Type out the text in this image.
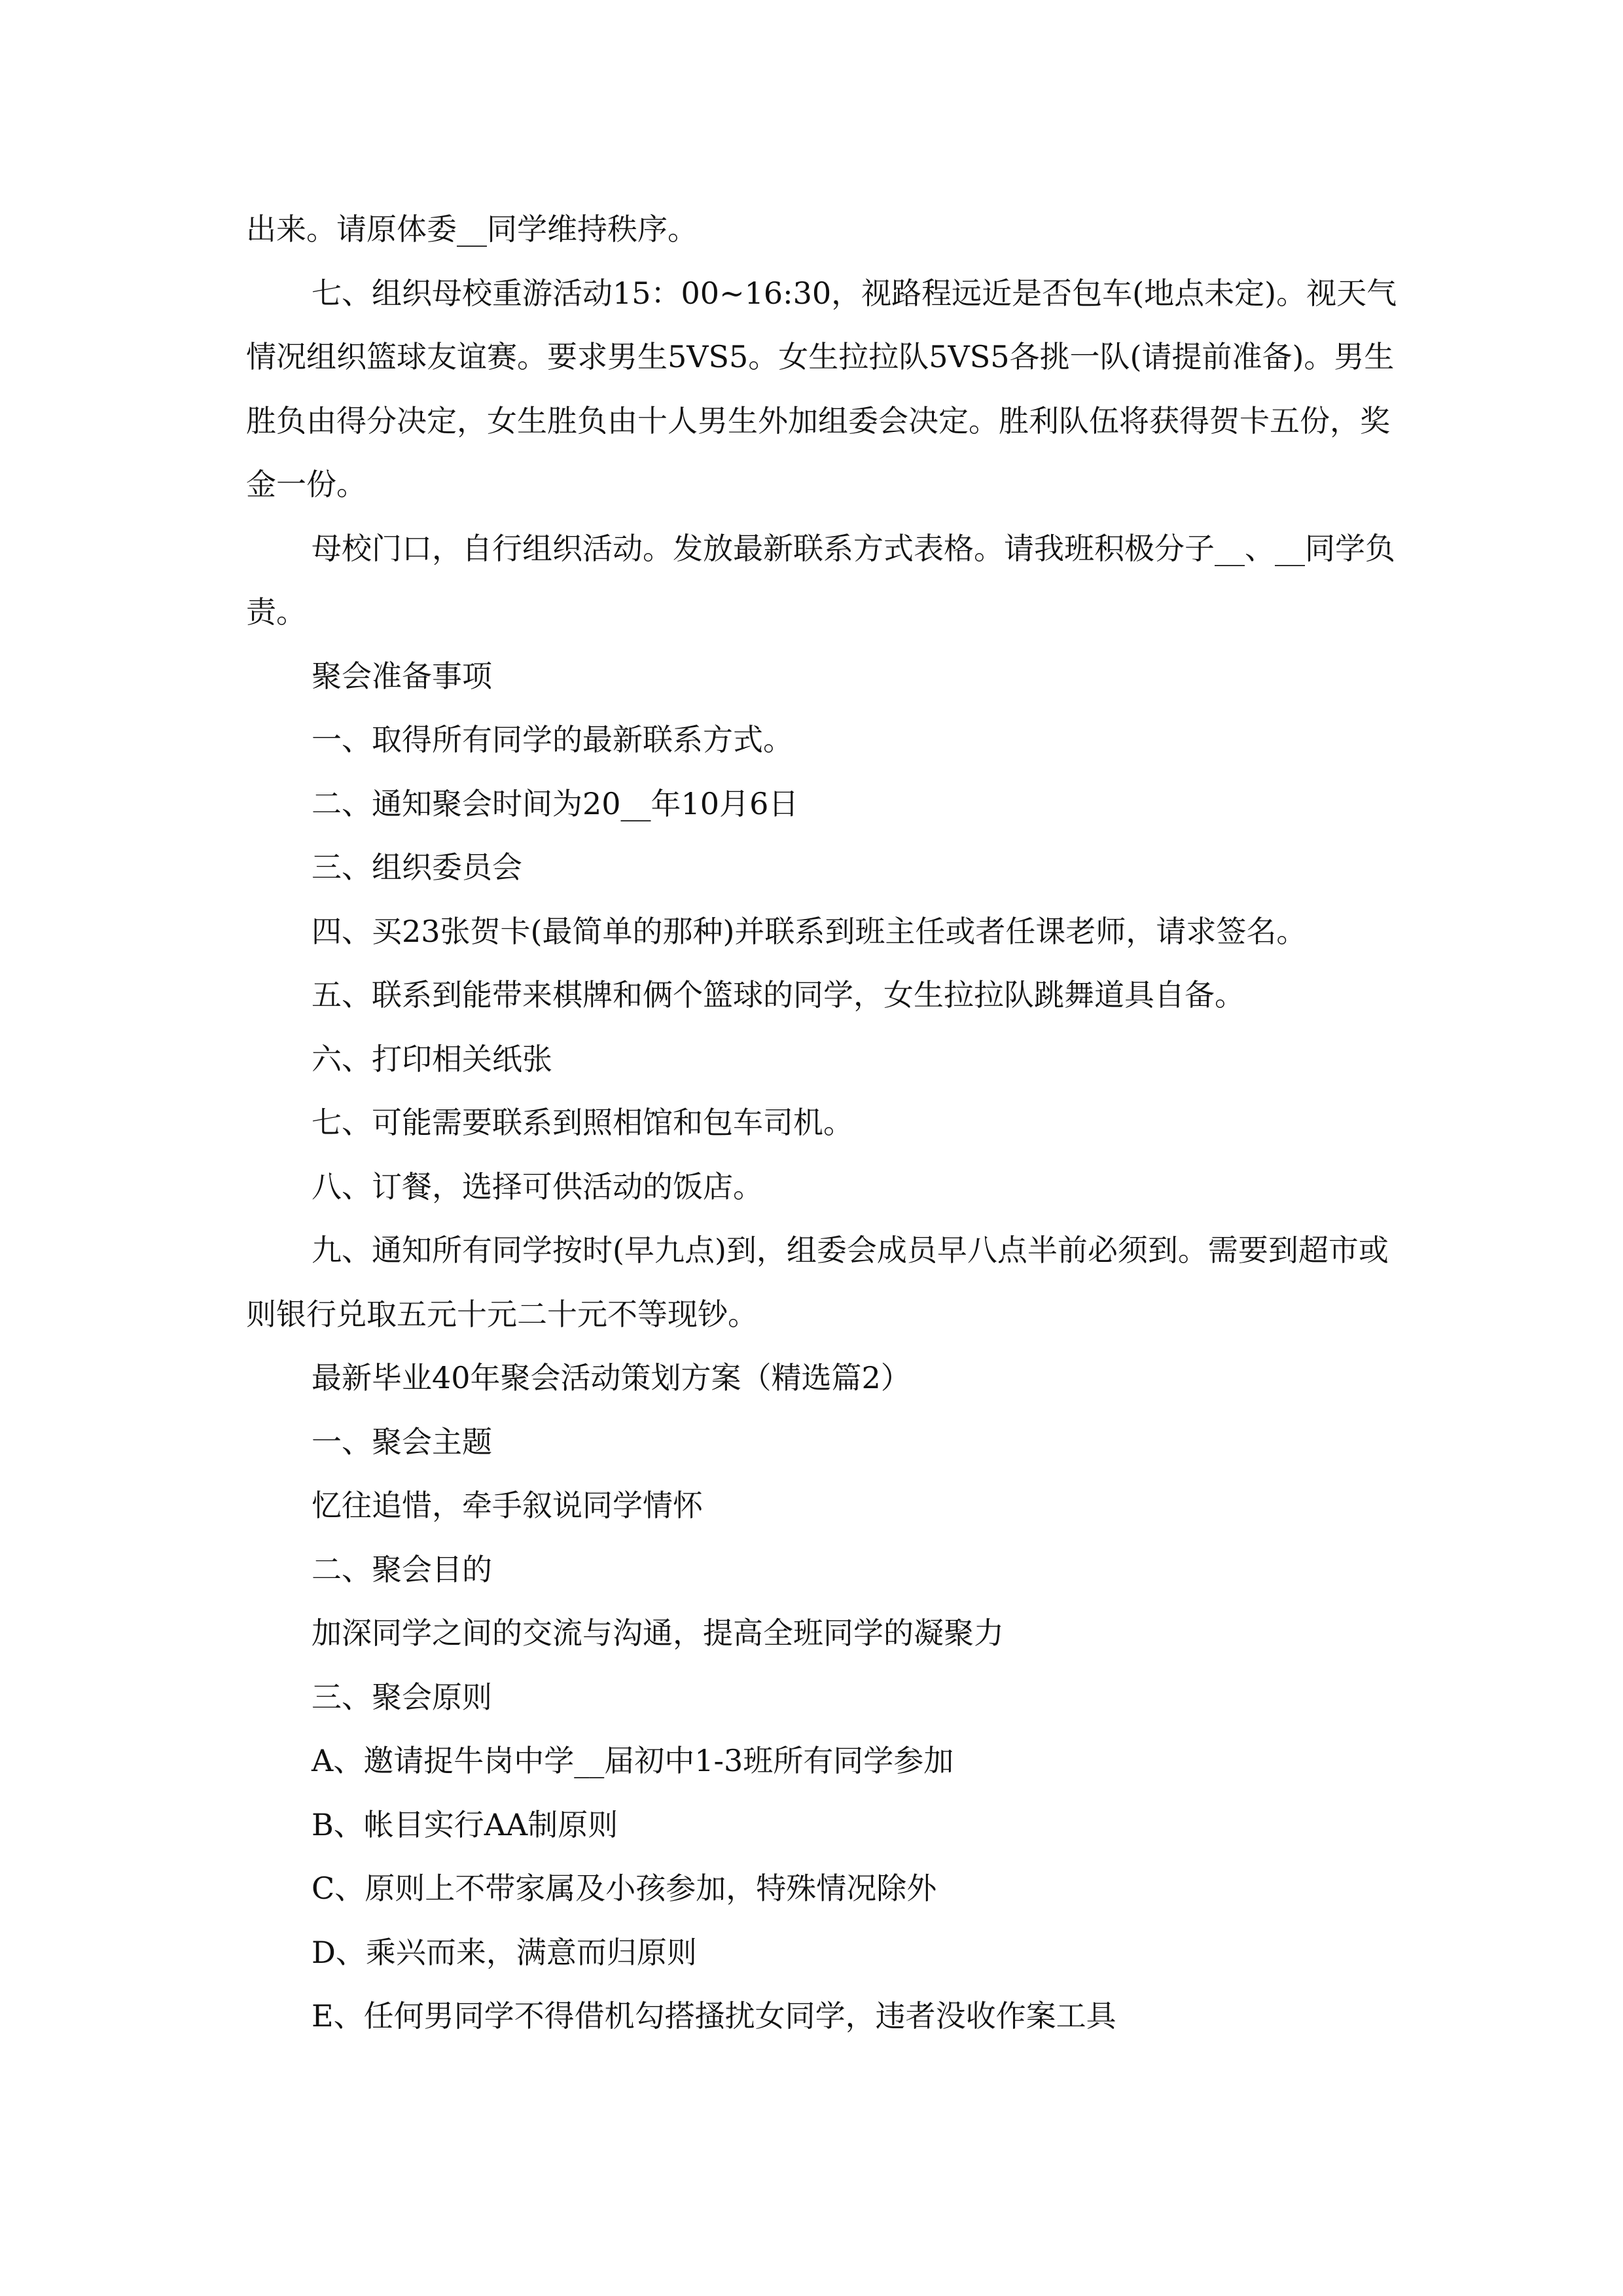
出来。请原体委__同学维持秩序。

七、组织母校重游活动15：00~16:30，视路程远近是否包车(地点未定)。视天气情况组织篮球友谊赛。要求男生5VS5。女生拉拉队5VS5各挑一队(请提前准备)。男生胜负由得分决定，女生胜负由十人男生外加组委会决定。胜利队伍将获得贺卡五份，奖金一份。

母校门口，自行组织活动。发放最新联系方式表格。请我班积极分子__、__同学负责。

聚会准备事项

一、取得所有同学的最新联系方式。

二、通知聚会时间为20__年10月6日

三、组织委员会

四、买23张贺卡(最简单的那种)并联系到班主任或者任课老师，请求签名。

五、联系到能带来棋牌和俩个篮球的同学，女生拉拉队跳舞道具自备。

六、打印相关纸张

七、可能需要联系到照相馆和包车司机。

八、订餐，选择可供活动的饭店。

九、通知所有同学按时(早九点)到，组委会成员早八点半前必须到。需要到超市或则银行兑取五元十元二十元不等现钞。

最新毕业40年聚会活动策划方案（精选篇2）

一、聚会主题

忆往追惜，牵手叙说同学情怀

二、聚会目的

加深同学之间的交流与沟通，提高全班同学的凝聚力

三、聚会原则

A、邀请捉牛岗中学__届初中1-3班所有同学参加

B、帐目实行AA制原则

C、原则上不带家属及小孩参加，特殊情况除外

D、乘兴而来，满意而归原则

E、任何男同学不得借机勾搭搔扰女同学，违者没收作案工具
